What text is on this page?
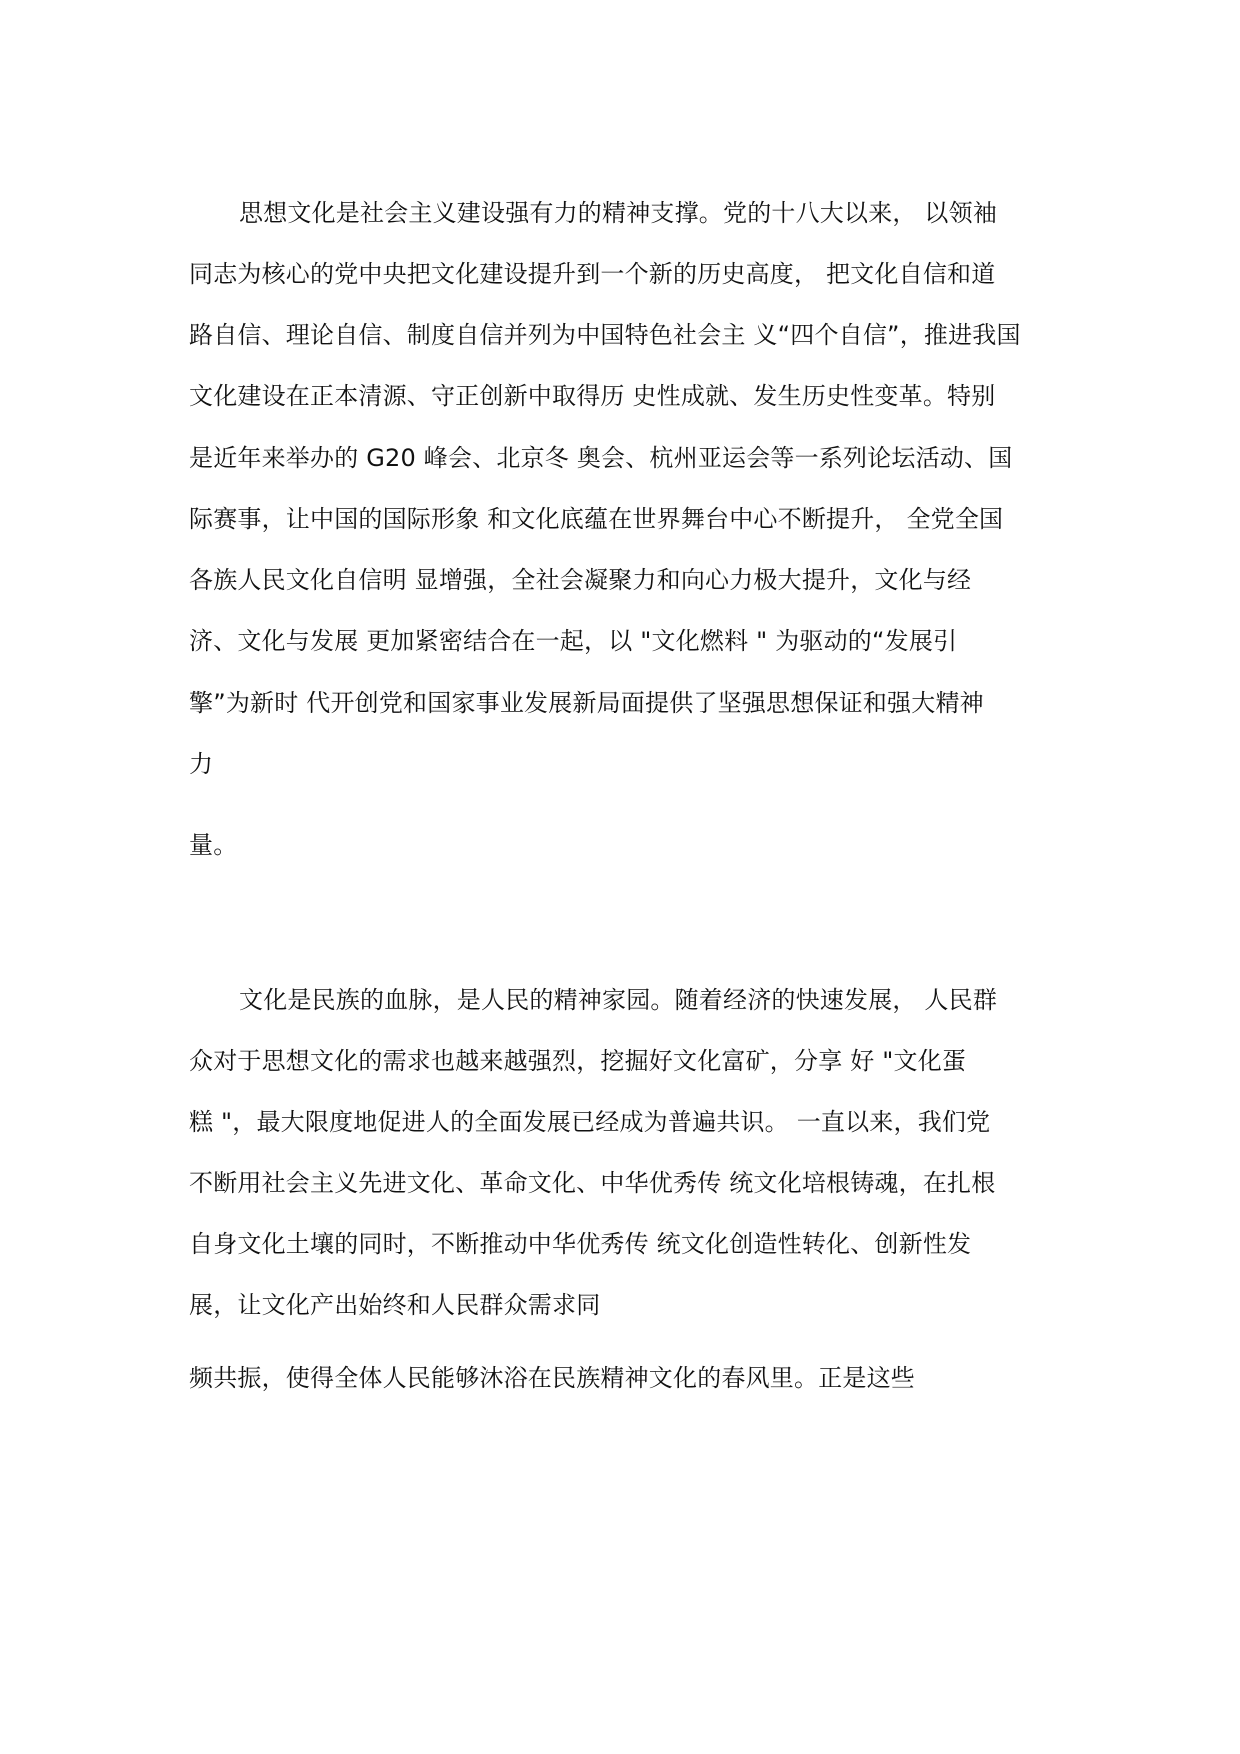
思想文化是社会主义建设强有力的精神支撑。党的十八大以来， 以领袖
同志为核心的党中央把文化建设提升到一个新的历史高度， 把文化自信和道
路自信、理论自信、制度自信并列为中国特色社会主 义“四个自信”，推进我国
文化建设在正本清源、守正创新中取得历 史性成就、发生历史性变革。特别
是近年来举办的 G20 峰会、北京冬 奥会、杭州亚运会等一系列论坛活动、国
际赛事，让中国的国际形象 和文化底蕴在世界舞台中心不断提升， 全党全国
各族人民文化自信明 显增强，全社会凝聚力和向心力极大提升，文化与经
济、文化与发展 更加紧密结合在一起，以 "文化燃料 " 为驱动的“发展引
擎”为新时 代开创党和国家事业发展新局面提供了坚强思想保证和强大精神
力
量。
文化是民族的血脉，是人民的精神家园。随着经济的快速发展， 人民群
众对于思想文化的需求也越来越强烈，挖掘好文化富矿，分享 好 "文化蛋
糕 "，最大限度地促进人的全面发展已经成为普遍共识。 一直以来，我们党
不断用社会主义先进文化、革命文化、中华优秀传 统文化培根铸魂，在扎根
自身文化土壤的同时，不断推动中华优秀传 统文化创造性转化、创新性发
展，让文化产出始终和人民群众需求同
频共振，使得全体人民能够沐浴在民族精神文化的春风里。正是这些
